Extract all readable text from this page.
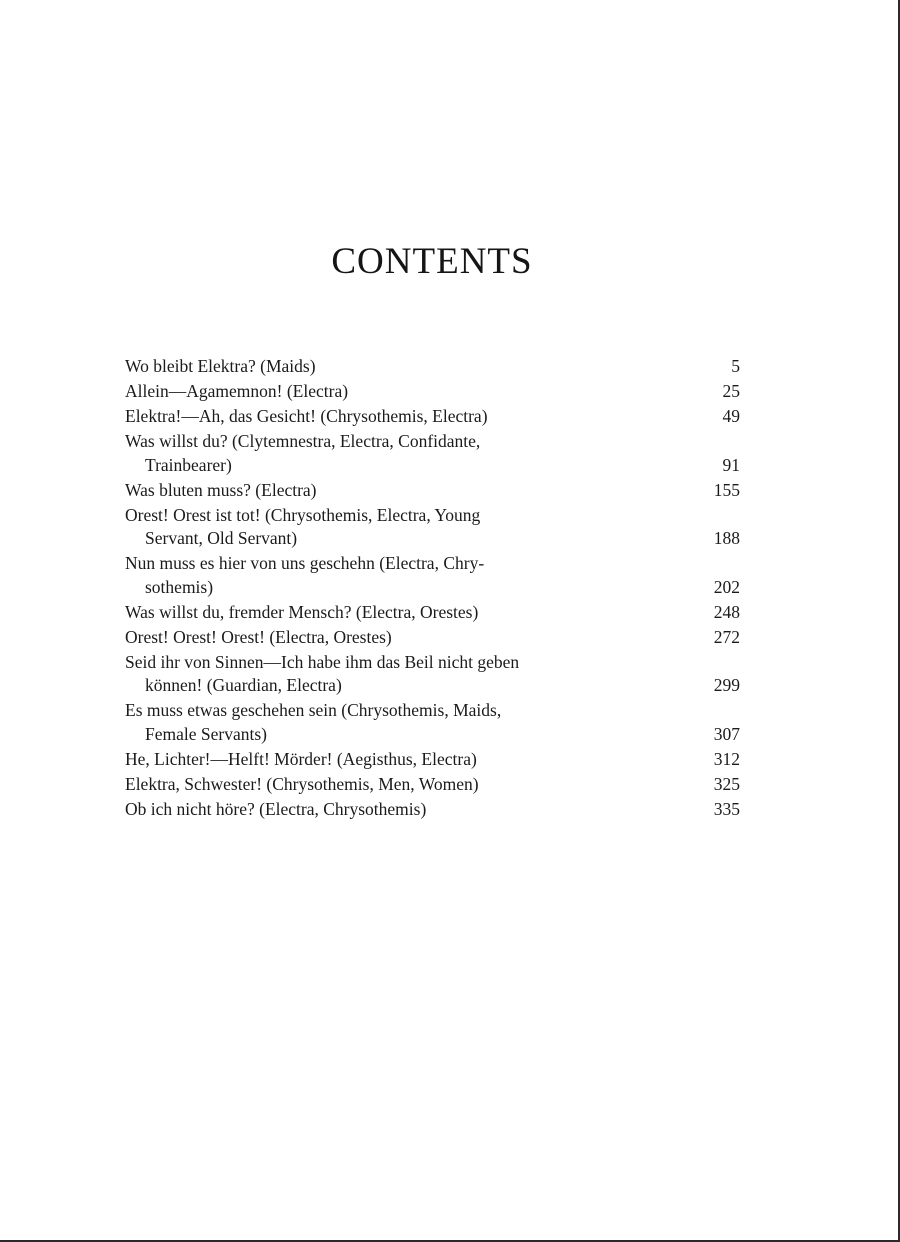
CONTENTS
Wo bleibt Elektra? (Maids)	5
Allein—Agamemnon! (Electra)	25
Elektra!—Ah, das Gesicht! (Chrysothemis, Electra)	49
Was willst du? (Clytemnestra, Electra, Confidante,
Trainbearer)	91
Was bluten muss? (Electra)	155
Orest! Orest ist tot! (Chrysothemis, Electra, Young
Servant, Old Servant)	188
Nun muss es hier von uns geschehn (Electra, Chry-
sothemis)	202
Was willst du, fremder Mensch? (Electra, Orestes)	248
Orest! Orest! Orest! (Electra, Orestes)	272
Seid ihr von Sinnen—Ich habe ihm das Beil nicht geben
können! (Guardian, Electra)	299
Es muss etwas geschehen sein (Chrysothemis, Maids,
Female Servants)	307
He, Lichter!—Helft! Mörder! (Aegisthus, Electra)	312
Elektra, Schwester! (Chrysothemis, Men, Women)	325
Ob ich nicht höre? (Electra, Chrysothemis)	335
